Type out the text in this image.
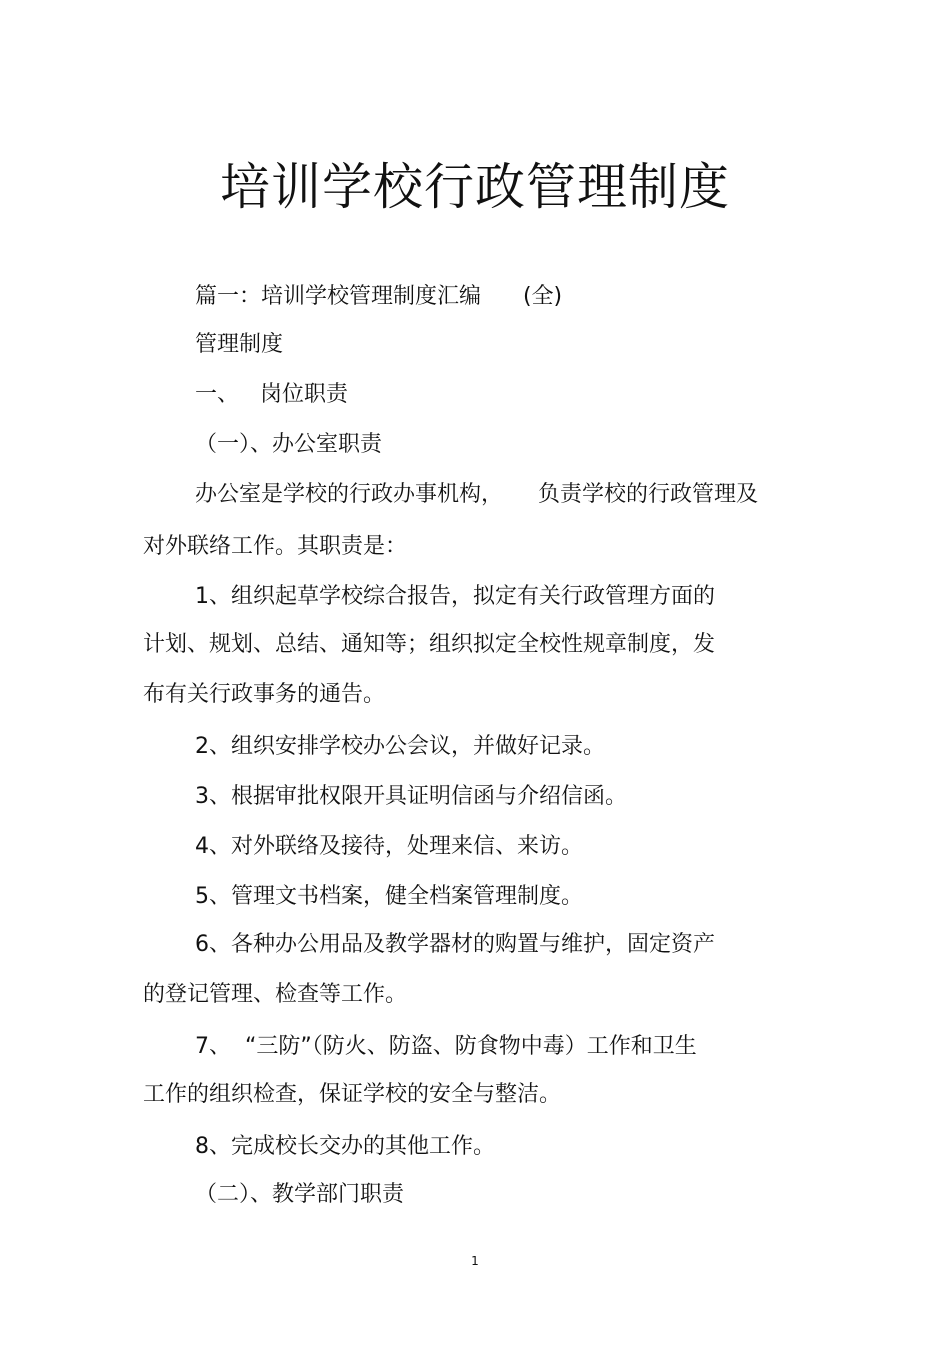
培训学校行政管理制度
篇一：培训学校管理制度汇编      (全)
管理制度
一、   岗位职责
（一）、办公室职责
办公室是学校的行政办事机构，     负责学校的行政管理及
对外联络工作。其职责是：
1、组织起草学校综合报告，拟定有关行政管理方面的
计划、规划、总结、通知等；组织拟定全校性规章制度，发
布有关行政事务的通告。
2、组织安排学校办公会议，并做好记录。
3、根据审批权限开具证明信函与介绍信函。
4、对外联络及接待，处理来信、来访。
5、管理文书档案，健全档案管理制度。
6、各种办公用品及教学器材的购置与维护，固定资产
的登记管理、检查等工作。
7、  “三防”（防火、防盗、防食物中毒）工作和卫生
工作的组织检查，保证学校的安全与整洁。
8、完成校长交办的其他工作。
（二）、教学部门职责
1
